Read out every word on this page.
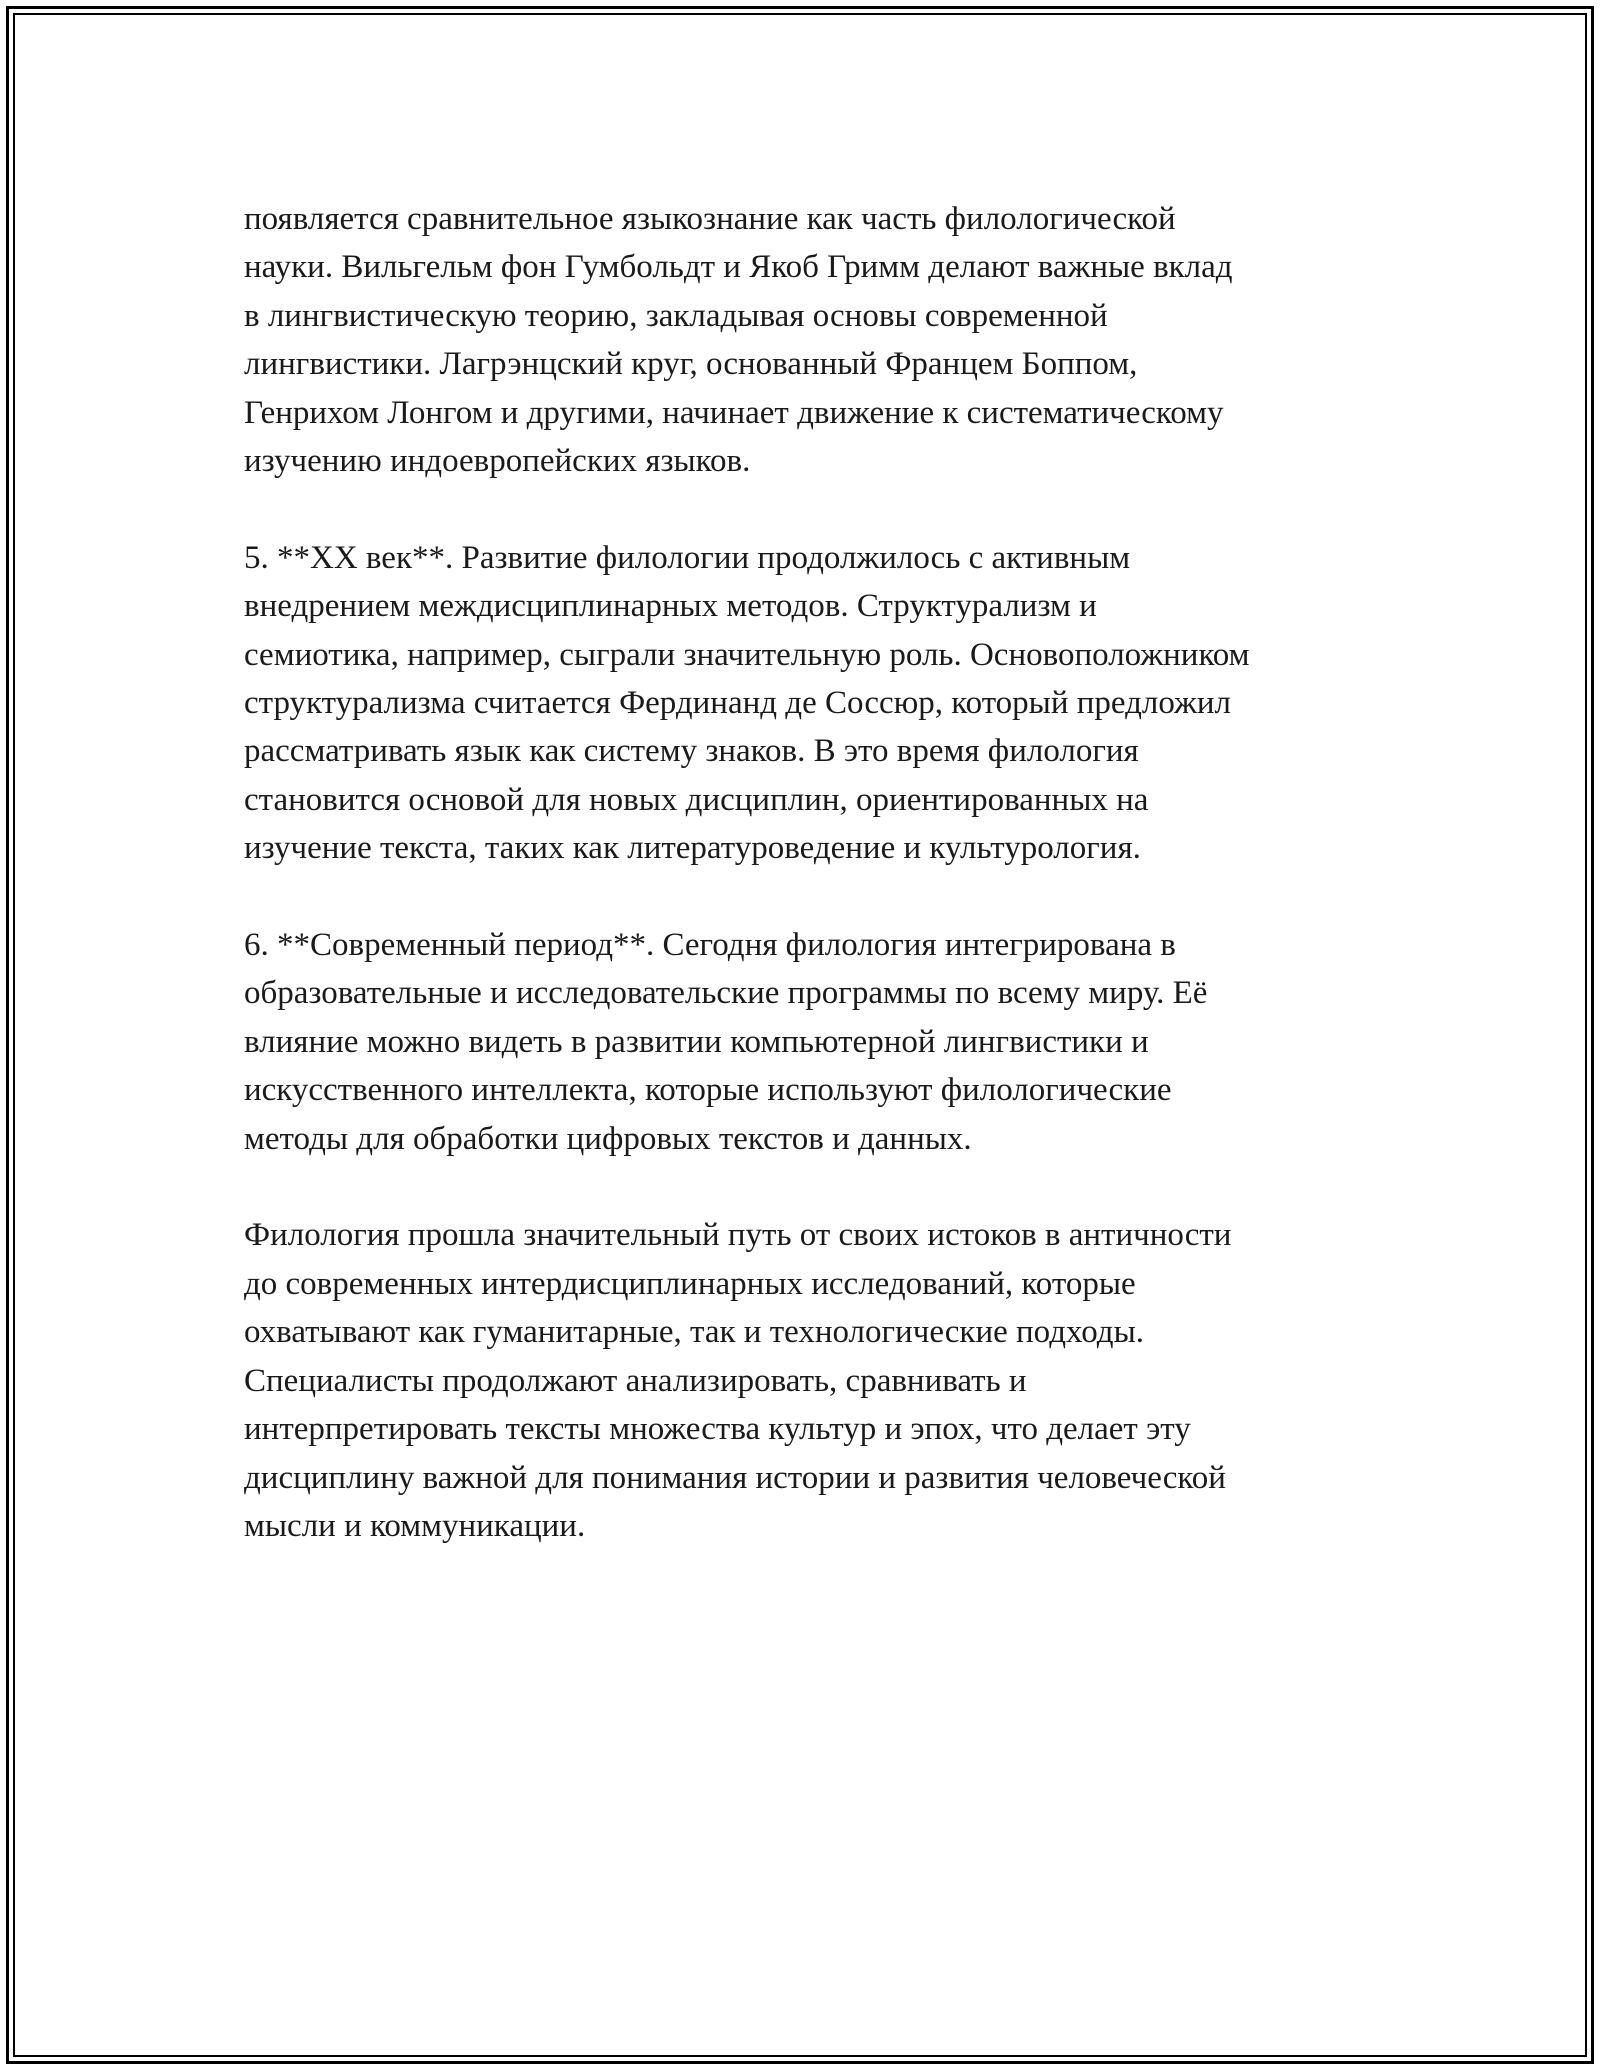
появляется сравнительное языкознание как часть филологической
науки. Вильгельм фон Гумбольдт и Якоб Гримм делают важные вклад
в лингвистическую теорию, закладывая основы современной
лингвистики. Лагрэнцский круг, основанный Францем Боппом,
Генрихом Лонгом и другими, начинает движение к систематическому
изучению индоевропейских языков.

5. **XX век**. Развитие филологии продолжилось с активным
внедрением междисциплинарных методов. Структурализм и
семиотика, например, сыграли значительную роль. Основоположником
структурализма считается Фердинанд де Соссюр, который предложил
рассматривать язык как систему знаков. В это время филология
становится основой для новых дисциплин, ориентированных на
изучение текста, таких как литературоведение и культурология.

6. **Современный период**. Сегодня филология интегрирована в
образовательные и исследовательские программы по всему миру. Её
влияние можно видеть в развитии компьютерной лингвистики и
искусственного интеллекта, которые используют филологические
методы для обработки цифровых текстов и данных.

Филология прошла значительный путь от своих истоков в античности
до современных интердисциплинарных исследований, которые
охватывают как гуманитарные, так и технологические подходы.
Специалисты продолжают анализировать, сравнивать и
интерпретировать тексты множества культур и эпох, что делает эту
дисциплину важной для понимания истории и развития человеческой
мысли и коммуникации.
